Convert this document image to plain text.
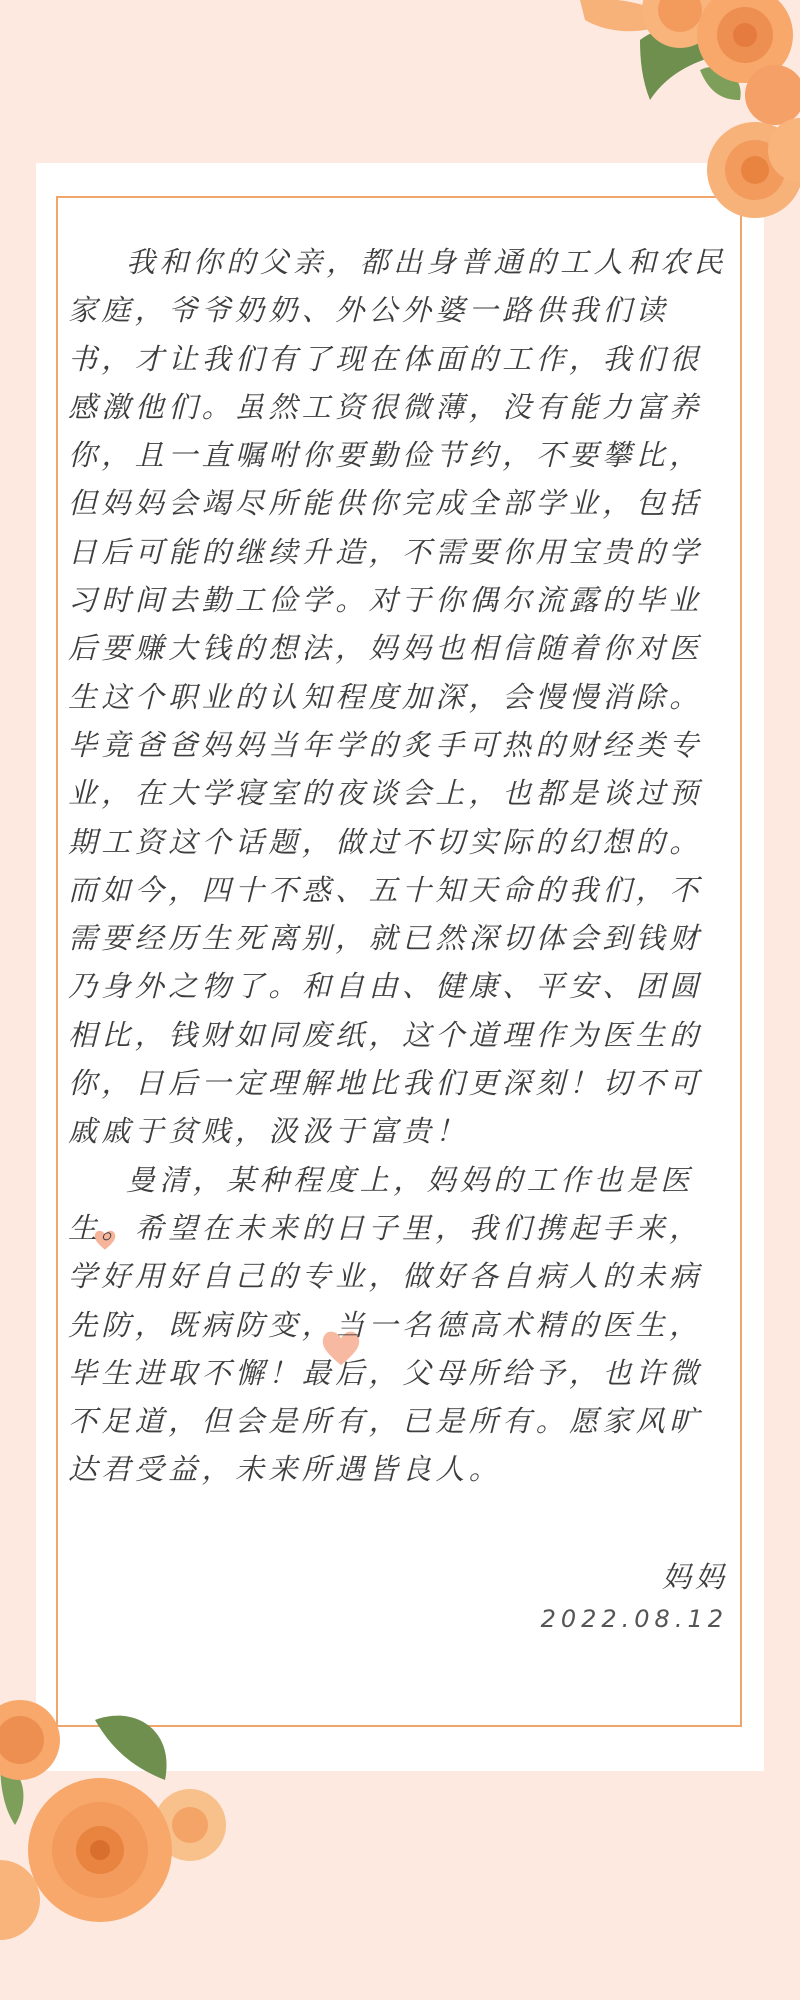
我和你的父亲，都出身普通的工人和农民家庭，爷爷奶奶、外公外婆一路供我们读书，才让我们有了现在体面的工作，我们很感激他们。虽然工资很微薄，没有能力富养你，且一直嘱咐你要勤俭节约，不要攀比，但妈妈会竭尽所能供你完成全部学业，包括日后可能的继续升造，不需要你用宝贵的学习时间去勤工俭学。对于你偶尔流露的毕业后要赚大钱的想法，妈妈也相信随着你对医生这个职业的认知程度加深，会慢慢消除。毕竟爸爸妈妈当年学的炙手可热的财经类专业，在大学寝室的夜谈会上，也都是谈过预期工资这个话题，做过不切实际的幻想的。而如今，四十不惑、五十知天命的我们，不需要经历生死离别，就已然深切体会到钱财乃身外之物了。和自由、健康、平安、团圆相比，钱财如同废纸，这个道理作为医生的你，日后一定理解地比我们更深刻！切不可戚戚于贫贱，汲汲于富贵！

曼清，某种程度上，妈妈的工作也是医生。希望在未来的日子里，我们携起手来，学好用好自己的专业，做好各自病人的未病先防，既病防变，当一名德高术精的医生，毕生进取不懈！最后，父母所给予，也许微不足道，但会是所有，已是所有。愿家风旷达君受益，未来所遇皆良人。

妈妈
2022.08.12
